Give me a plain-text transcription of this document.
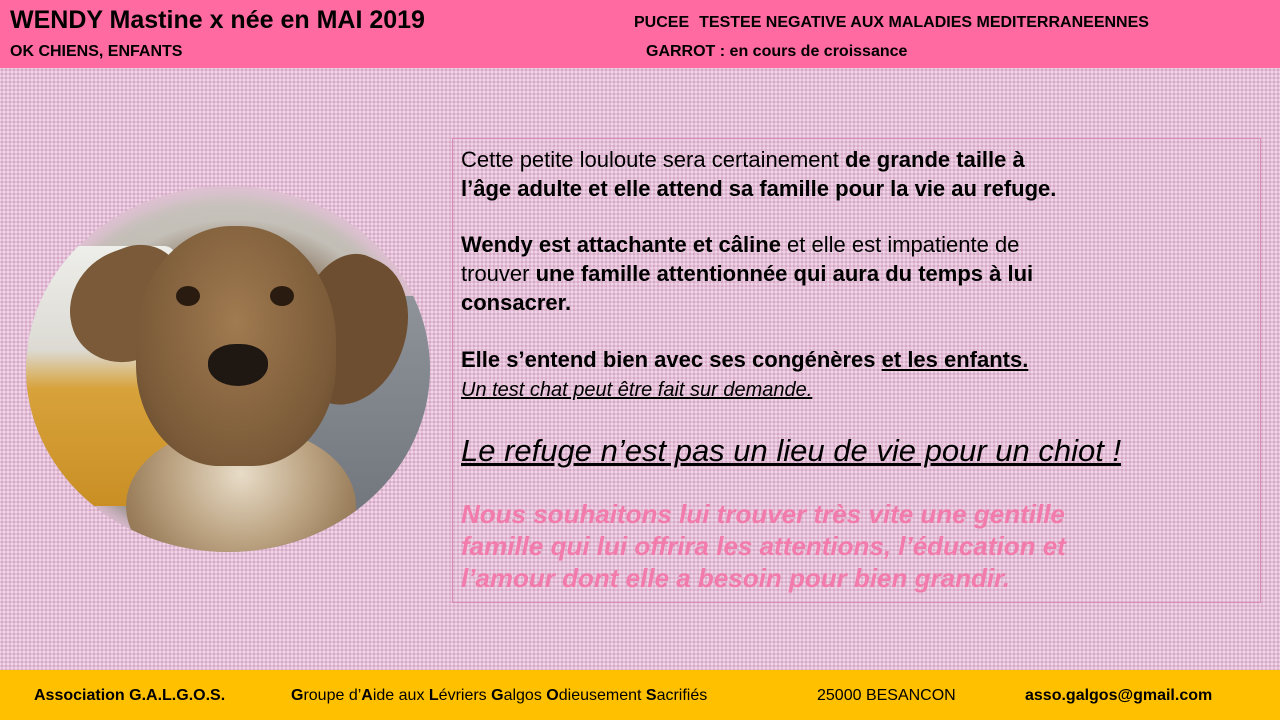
WENDY Mastine x née en MAI 2019
OK CHIENS, ENFANTS
PUCEE TESTEE NEGATIVE AUX MALADIES MEDITERRANEENNES
GARROT : en cours de croissance

Cette petite louloute sera certainement de grande taille à
l’âge adulte et elle attend sa famille pour la vie au refuge.

Wendy est attachante et câline et elle est impatiente de
trouver une famille attentionnée qui aura du temps à lui
consacrer.

Elle s’entend bien avec ses congénères et les enfants.
Un test chat peut être fait sur demande.

Le refuge n’est pas un lieu de vie pour un chiot !
Nous souhaitons lui trouver très vite une gentille
famille qui lui offrira les attentions, l’éducation et
l’amour dont elle a besoin pour bien grandir.
Association G.A.L.G.O.S.	Groupe d’Aide aux Lévriers Galgos Odieusement Sacrifiés	25000 BESANCON	asso.galgos@gmail.com
